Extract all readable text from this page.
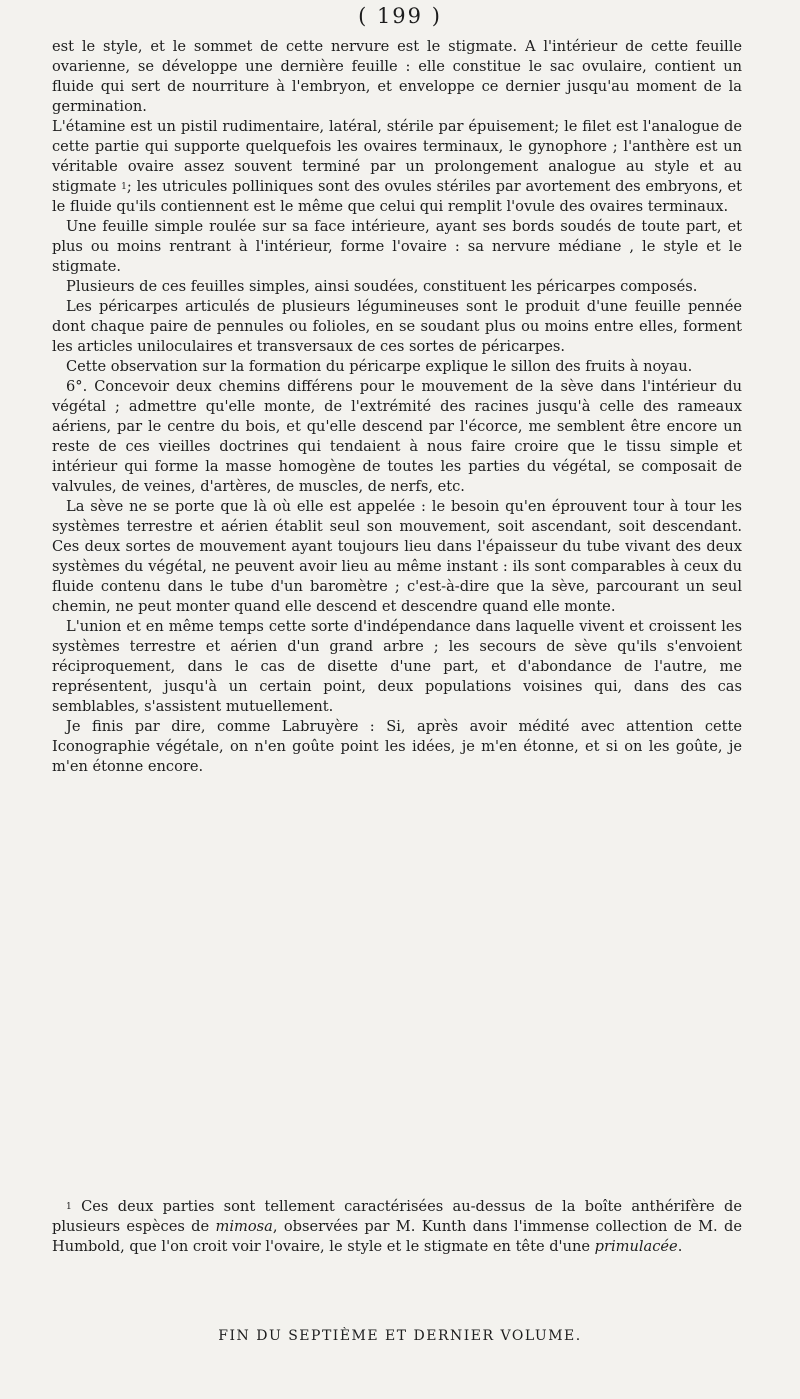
( 199 )

est le style, et le sommet de cette nervure est le stigmate. A l'intérieur de cette feuille ovarienne, se développe une dernière feuille : elle constitue le sac ovulaire, contient un fluide qui sert de nourriture à l'embryon, et enveloppe ce dernier jusqu'au moment de la germination.

L'étamine est un pistil rudimentaire, latéral, stérile par épuisement; le filet est l'analogue de cette partie qui supporte quelquefois les ovaires terminaux, le gynophore ; l'anthère est un véritable ovaire assez souvent terminé par un prolongement analogue au style et au stigmate $^1$; les utricules polliniques sont des ovules stériles par avortement des embryons, et le fluide qu'ils contiennent est le même que celui qui remplit l'ovule des ovaires terminaux.

Une feuille simple roulée sur sa face intérieure, ayant ses bords soudés de toute part, et plus ou moins rentrant à l'intérieur, forme l'ovaire : sa nervure médiane , le style et le stigmate.

Plusieurs de ces feuilles simples, ainsi soudées, constituent les péricarpes composés.

Les péricarpes articulés de plusieurs légumineuses sont le produit d'une feuille pennée dont chaque paire de pennules ou folioles, en se soudant plus ou moins entre elles, forment les articles uniloculaires et transversaux de ces sortes de péricarpes.

Cette observation sur la formation du péricarpe explique le sillon des fruits à noyau.

6°. Concevoir deux chemins différens pour le mouvement de la sève dans l'intérieur du végétal ; admettre qu'elle monte, de l'extrémité des racines jusqu'à celle des rameaux aériens, par le centre du bois, et qu'elle descend par l'écorce, me semblent être encore un reste de ces vieilles doctrines qui tendaient à nous faire croire que le tissu simple et intérieur qui forme la masse homogène de toutes les parties du végétal, se composait de valvules, de veines, d'artères, de muscles, de nerfs, etc.

La sève ne se porte que là où elle est appelée : le besoin qu'en éprouvent tour à tour les systèmes terrestre et aérien établit seul son mouvement, soit ascendant, soit descendant. Ces deux sortes de mouvement ayant toujours lieu dans l'épaisseur du tube vivant des deux systèmes du végétal, ne peuvent avoir lieu au même instant : ils sont comparables à ceux du fluide contenu dans le tube d'un baromètre ; c'est-à-dire que la sève, parcourant un seul chemin, ne peut monter quand elle descend et descendre quand elle monte.

L'union et en même temps cette sorte d'indépendance dans laquelle vivent et croissent les systèmes terrestre et aérien d'un grand arbre ; les secours de sève qu'ils s'envoient réciproquement, dans le cas de disette d'une part, et d'abondance de l'autre, me représentent, jusqu'à un certain point, deux populations voisines qui, dans des cas semblables, s'assistent mutuellement.

Je finis par dire, comme Labruyère : Si, après avoir médité avec attention cette Iconographie végétale, on n'en goûte point les idées, je m'en étonne, et si on les goûte, je m'en étonne encore.

$^1$ Ces deux parties sont tellement caractérisées au-dessus de la boîte anthérifère de plusieurs espèces de mimosa, observées par M. Kunth dans l'immense collection de M. de Humbold, que l'on croit voir l'ovaire, le style et le stigmate en tête d'une primulacée.

FIN DU SEPTIÈME ET DERNIER VOLUME.
